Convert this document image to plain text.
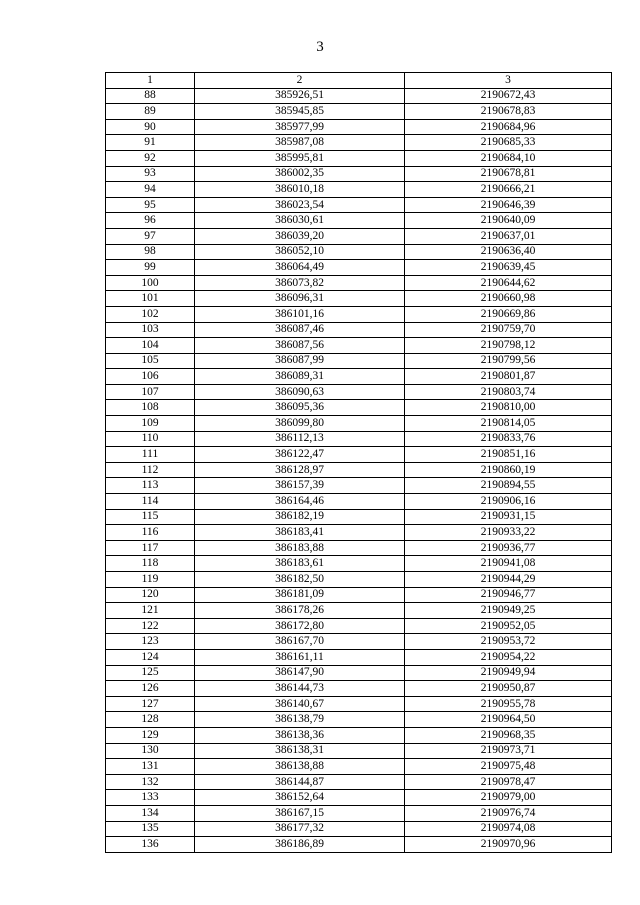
3
1	2	3
88	385926,51	2190672,43
89	385945,85	2190678,83
90	385977,99	2190684,96
91	385987,08	2190685,33
92	385995,81	2190684,10
93	386002,35	2190678,81
94	386010,18	2190666,21
95	386023,54	2190646,39
96	386030,61	2190640,09
97	386039,20	2190637,01
98	386052,10	2190636,40
99	386064,49	2190639,45
100	386073,82	2190644,62
101	386096,31	2190660,98
102	386101,16	2190669,86
103	386087,46	2190759,70
104	386087,56	2190798,12
105	386087,99	2190799,56
106	386089,31	2190801,87
107	386090,63	2190803,74
108	386095,36	2190810,00
109	386099,80	2190814,05
110	386112,13	2190833,76
111	386122,47	2190851,16
112	386128,97	2190860,19
113	386157,39	2190894,55
114	386164,46	2190906,16
115	386182,19	2190931,15
116	386183,41	2190933,22
117	386183,88	2190936,77
118	386183,61	2190941,08
119	386182,50	2190944,29
120	386181,09	2190946,77
121	386178,26	2190949,25
122	386172,80	2190952,05
123	386167,70	2190953,72
124	386161,11	2190954,22
125	386147,90	2190949,94
126	386144,73	2190950,87
127	386140,67	2190955,78
128	386138,79	2190964,50
129	386138,36	2190968,35
130	386138,31	2190973,71
131	386138,88	2190975,48
132	386144,87	2190978,47
133	386152,64	2190979,00
134	386167,15	2190976,74
135	386177,32	2190974,08
136	386186,89	2190970,96
